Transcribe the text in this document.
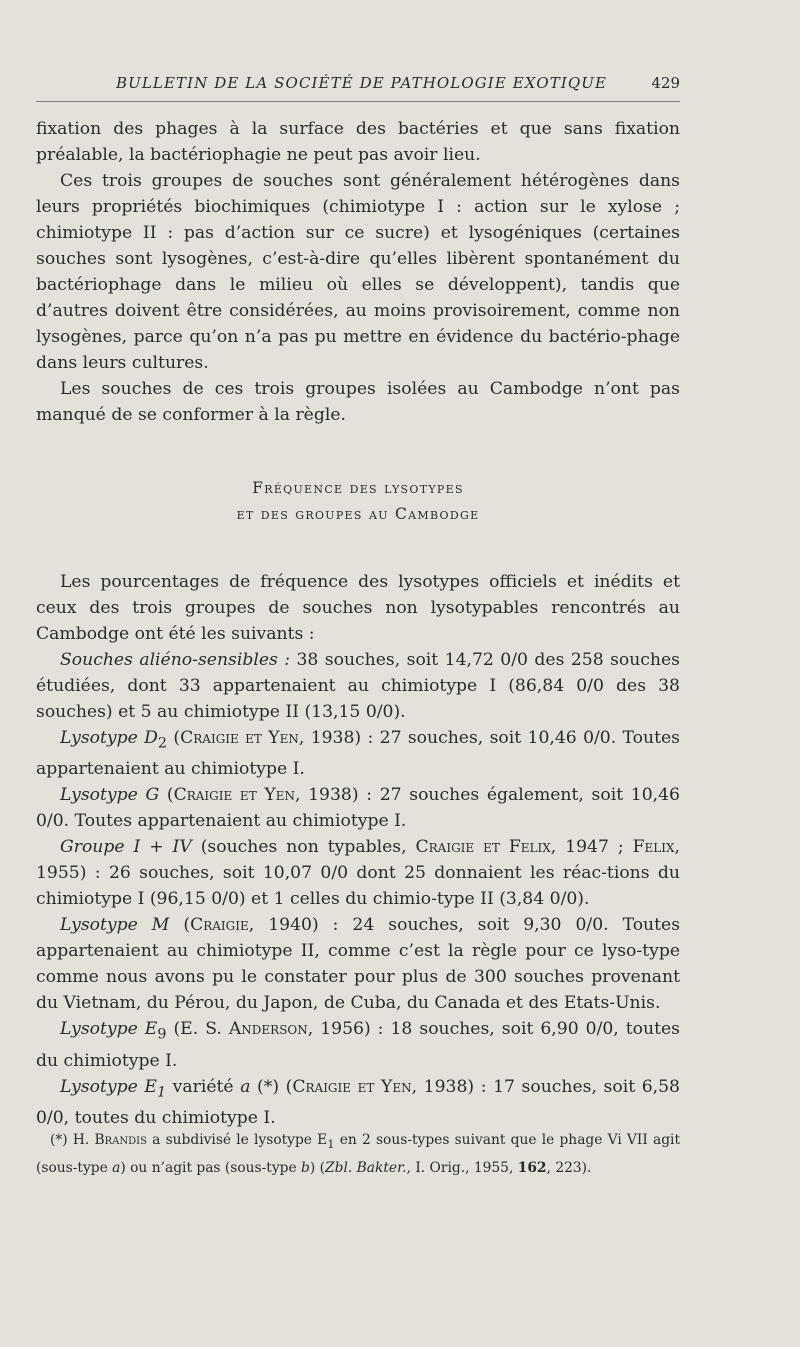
BULLETIN DE LA SOCIÉTÉ DE PATHOLOGIE EXOTIQUE	429

fixation des phages à la surface des bactéries et que sans fixation préalable, la bactériophagie ne peut pas avoir lieu.

Ces trois groupes de souches sont généralement hétérogènes dans leurs propriétés biochimiques (chimiotype I : action sur le xylose ; chimiotype II : pas d’action sur ce sucre) et lysogéniques (certaines souches sont lysogènes, c’est-à-dire qu’elles libèrent spontanément du bactériophage dans le milieu où elles se développent), tandis que d’autres doivent être considérées, au moins provisoirement, comme non lysogènes, parce qu’on n’a pas pu mettre en évidence du bactério-phage dans leurs cultures.

Les souches de ces trois groupes isolées au Cambodge n’ont pas manqué de se conformer à la règle.

Fréquence des lysotypes
et des groupes au Cambodge

Les pourcentages de fréquence des lysotypes officiels et inédits et ceux des trois groupes de souches non lysotypables rencontrés au Cambodge ont été les suivants :

Souches aliéno-sensibles : 38 souches, soit 14,72 0/0 des 258 souches étudiées, dont 33 appartenaient au chimiotype I (86,84 0/0 des 38 souches) et 5 au chimiotype II (13,15 0/0).

Lysotype $D_2$ (Craigie et Yen, 1938) : 27 souches, soit 10,46 0/0. Toutes appartenaient au chimiotype I.

Lysotype G (Craigie et Yen, 1938) : 27 souches également, soit 10,46 0/0. Toutes appartenaient au chimiotype I.

Groupe I + IV (souches non typables, Craigie et Felix, 1947 ; Felix, 1955) : 26 souches, soit 10,07 0/0 dont 25 donnaient les réac-tions du chimiotype I (96,15 0/0) et 1 celles du chimio-type II (3,84 0/0).

Lysotype M (Craigie, 1940) : 24 souches, soit 9,30 0/0. Toutes appartenaient au chimiotype II, comme c’est la règle pour ce lyso-type comme nous avons pu le constater pour plus de 300 souches provenant du Vietnam, du Pérou, du Japon, de Cuba, du Canada et des Etats-Unis.

Lysotype $E_9$ (E. S. Anderson, 1956) : 18 souches, soit 6,90 0/0, toutes du chimiotype I.

Lysotype $E_1$ variété a (*) (Craigie et Yen, 1938) : 17 souches, soit 6,58 0/0, toutes du chimiotype I.

(*) H. Brandis a subdivisé le lysotype $E_1$ en 2 sous-types suivant que le phage Vi VII agit (sous-type a) ou n’agit pas (sous-type b) (Zbl. Bakter., I. Orig., 1955, 162, 223).
